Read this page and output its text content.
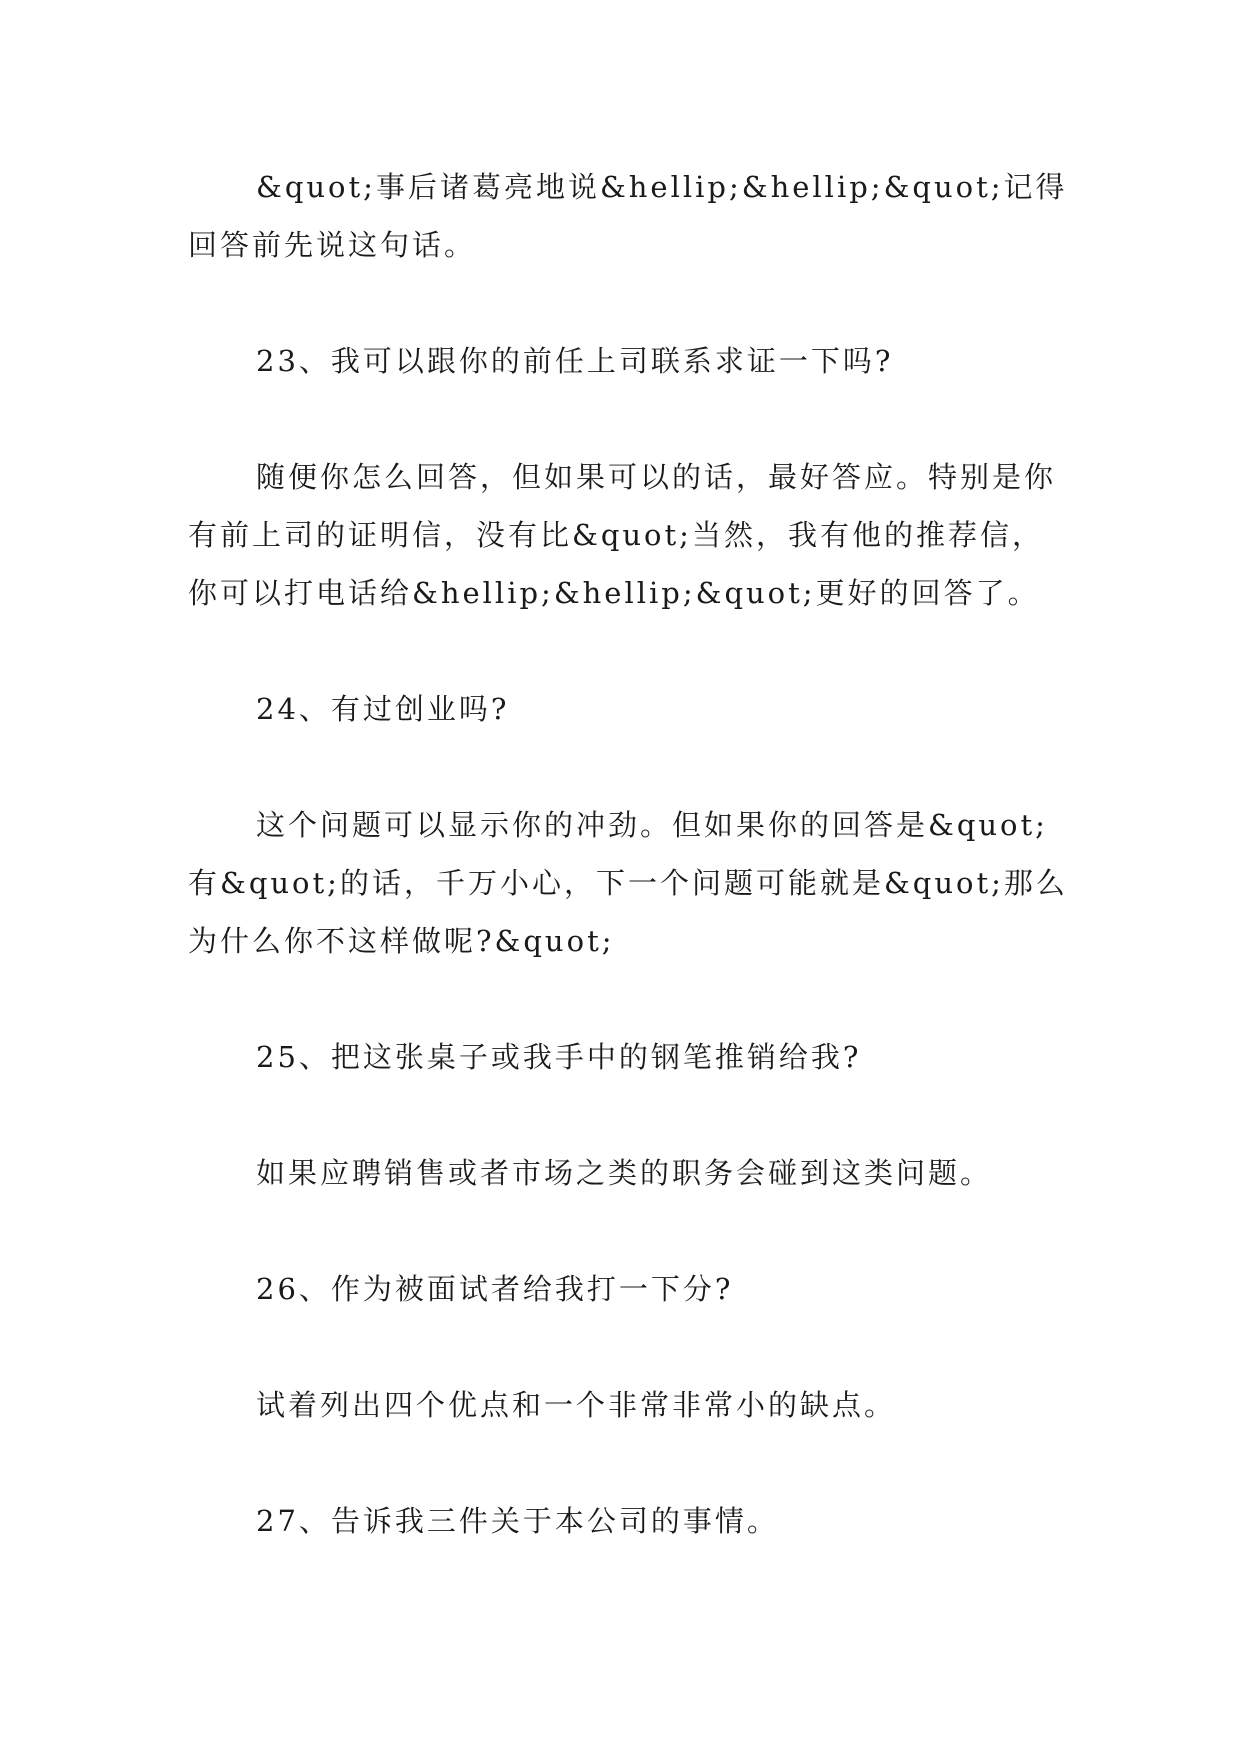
&quot;事后诸葛亮地说&hellip;&hellip;&quot;记得回答前先说这句话。

23、我可以跟你的前任上司联系求证一下吗?

随便你怎么回答，但如果可以的话，最好答应。特别是你有前上司的证明信，没有比&quot;当然，我有他的推荐信，你可以打电话给&hellip;&hellip;&quot;更好的回答了。

24、有过创业吗?

这个问题可以显示你的冲劲。但如果你的回答是&quot;有&quot;的话，千万小心，下一个问题可能就是&quot;那么为什么你不这样做呢?&quot;

25、把这张桌子或我手中的钢笔推销给我?

如果应聘销售或者市场之类的职务会碰到这类问题。

26、作为被面试者给我打一下分?

试着列出四个优点和一个非常非常小的缺点。

27、告诉我三件关于本公司的事情。
